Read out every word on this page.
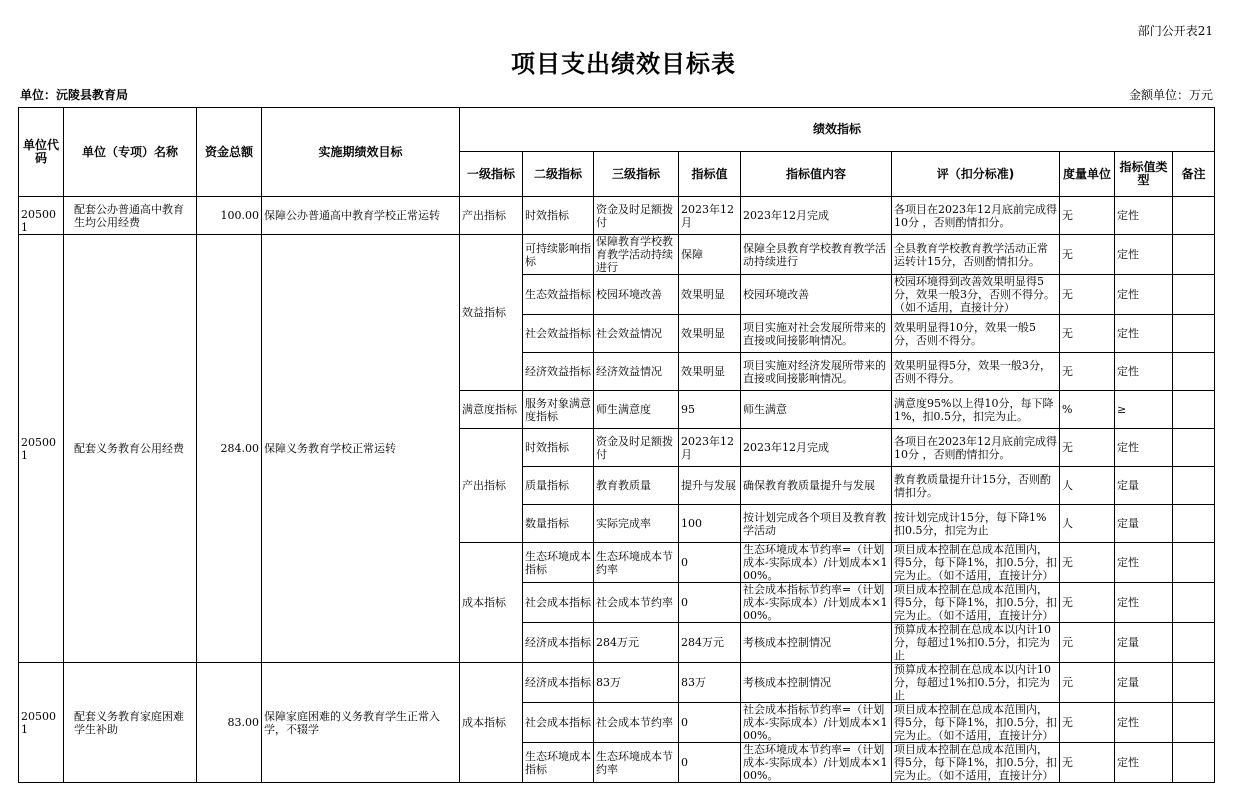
部门公开表21
项目支出绩效目标表
单位：沅陵县教育局	金额单位：万元
单位代码	单位（专项）名称	资金总额	实施期绩效目标	绩效指标								
				一级指标	二级指标	三级指标	指标值	指标值内容	评（扣分标准)	度量单位	指标值类型	备注
205001	配套公办普通高中教育生均公用经费	100.00	保障公办普通高中教育学校正常运转	产出指标	时效指标	资金及时足额拨付	2023年12月	2023年12月完成	各项目在2023年12月底前完成得10分 ，否则酌情扣分。	无	定性	
205001	配套义务教育公用经费	284.00	保障义务教育学校正常运转	效益指标	可持续影响指标	保障教育学校教育教学活动持续进行	保障	保障全县教育学校教育教学活动持续进行	全县教育学校教育教学活动正常运转计15分，否则酌情扣分。	无	定性	
					生态效益指标	校园环境改善	效果明显	校园环境改善	校园环境得到改善效果明显得5分，效果一般3分，否则不得分。（如不适用，直接计分）	无	定性	
					社会效益指标	社会效益情况	效果明显	项目实施对社会发展所带来的直接或间接影响情况。	效果明显得10分，效果一般5分，否则不得分。	无	定性	
					经济效益指标	经济效益情况	效果明显	项目实施对经济发展所带来的直接或间接影响情况。	效果明显得5分，效果一般3分，否则不得分。	无	定性	
				满意度指标	服务对象满意度指标	师生满意度	95	师生满意	满意度95%以上得10分，每下降1%，扣0.5分，扣完为止。	%	≥	
				产出指标	时效指标	资金及时足额拨付	2023年12月	2023年12月完成	各项目在2023年12月底前完成得10分 ，否则酌情扣分。	无	定性	
					质量指标	教育教质量	提升与发展	确保教育教质量提升与发展	教育教质量提升计15分，否则酌情扣分。	人	定量	
					数量指标	实际完成率	100	按计划完成各个项目及教育教学活动	按计划完成计15分，每下降1%扣0.5分，扣完为止	人	定量	
				成本指标	生态环境成本指标	生态环境成本节约率	0	生态环境成本节约率=（计划成本-实际成本）/计划成本×100%。	项目成本控制在总成本范围内，得5分，每下降1%，扣0.5分，扣完为止。（如不适用，直接计分）	无	定性	
					社会成本指标	社会成本节约率	0	社会成本指标节约率=（计划成本-实际成本）/计划成本×100%。	项目成本控制在总成本范围内，得5分，每下降1%，扣0.5分，扣完为止。（如不适用，直接计分）	无	定性	
					经济成本指标	284万元	284万元	考核成本控制情况	预算成本控制在总成本以内计10分，每超过1%扣0.5分，扣完为止	元	定量	
205001	配套义务教育家庭困难学生补助	83.00	保障家庭困难的义务教育学生正常入学，不辍学	成本指标	经济成本指标	83万	83万	考核成本控制情况	预算成本控制在总成本以内计10分，每超过1%扣0.5分，扣完为止	元	定量	
					社会成本指标	社会成本节约率	0	社会成本指标节约率=（计划成本-实际成本）/计划成本×100%。	项目成本控制在总成本范围内，得5分，每下降1%，扣0.5分，扣完为止。（如不适用，直接计分）	无	定性	
					生态环境成本指标	生态环境成本节约率	0	生态环境成本节约率=（计划成本-实际成本）/计划成本×100%。	项目成本控制在总成本范围内，得5分，每下降1%，扣0.5分，扣完为止。（如不适用，直接计分）	无	定性	
